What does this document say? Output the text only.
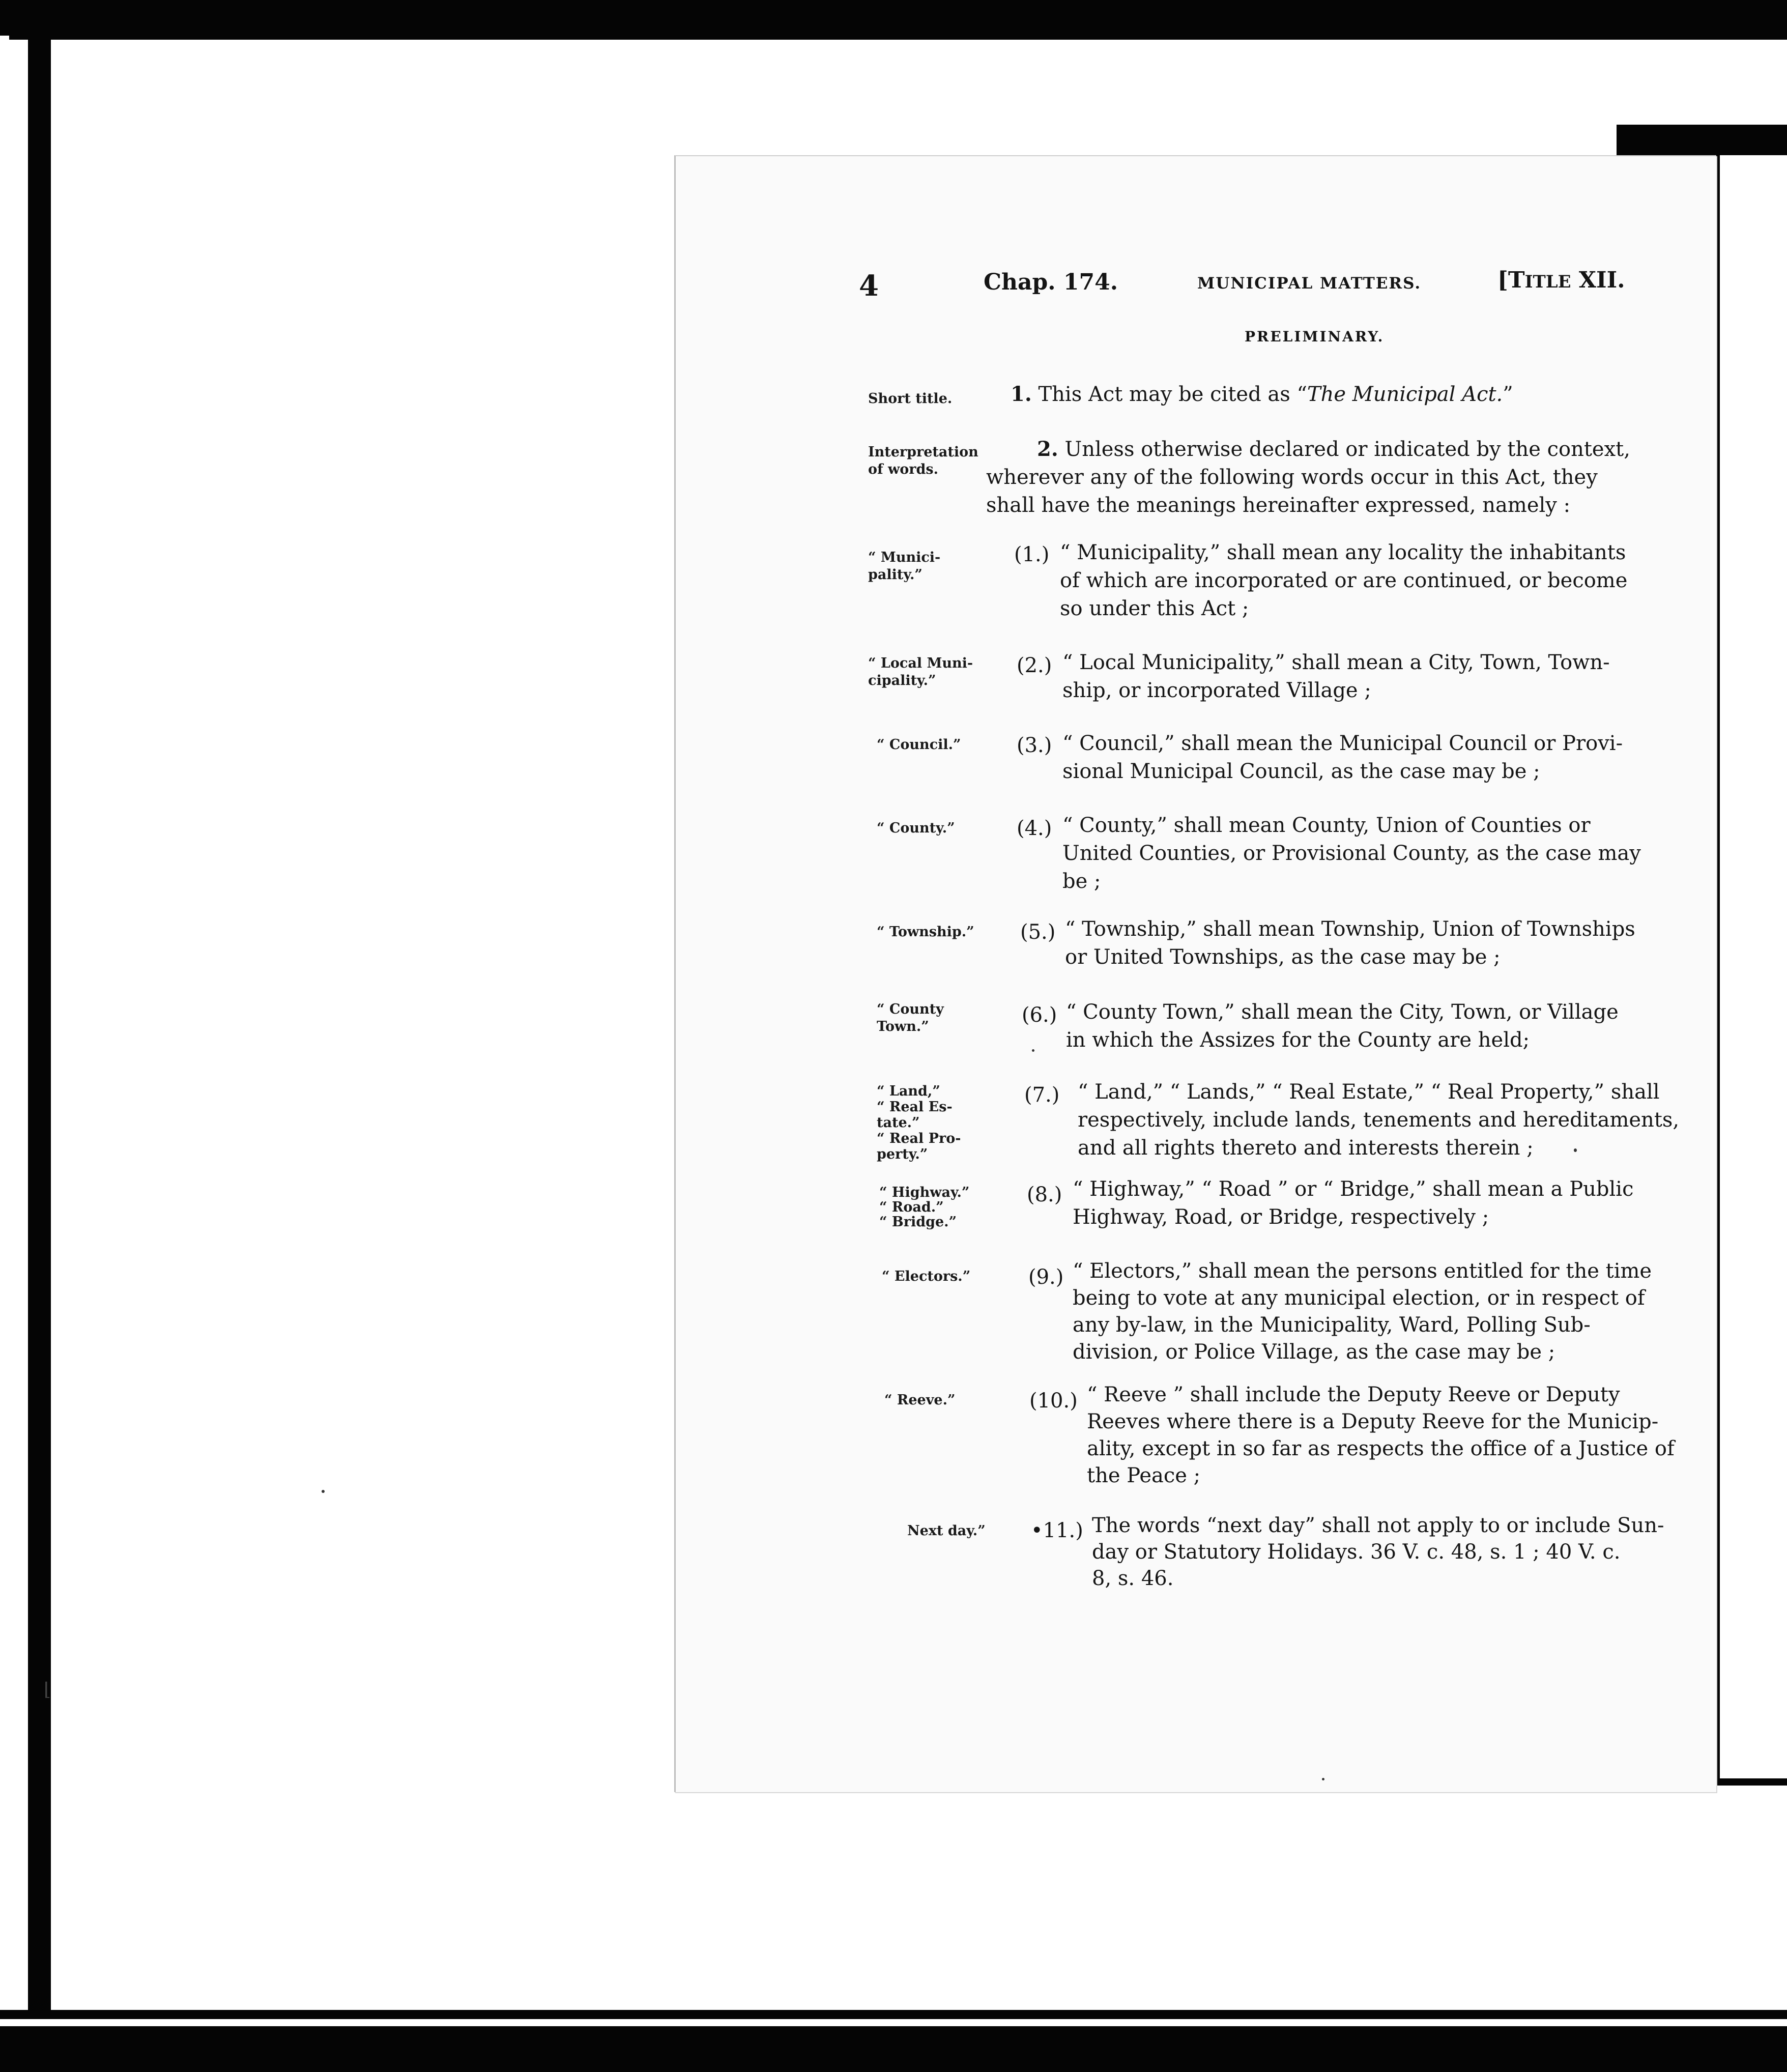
⌊
4	Chap. 174.	MUNICIPAL MATTERS.	[TITLE XII.
PRELIMINARY.
Short title.	1. This Act may be cited as “The Municipal Act.”
Interpretation
of words.
2. Unless otherwise declared or indicated by the context,
wherever any of the following words occur in this Act, they
shall have the meanings hereinafter expressed, namely :
“ Munici-
pality.”
(1.) “ Municipality,” shall mean any locality the inhabitants
of which are incorporated or are continued, or become
so under this Act ;
“ Local Muni-
cipality.”
(2.) “ Local Municipality,” shall mean a City, Town, Town-
ship, or incorporated Village ;
“ Council.”	(3.) “ Council,” shall mean the Municipal Council or Provi-
sional Municipal Council, as the case may be ;
“ County.”	(4.) “ County,” shall mean County, Union of Counties or
United Counties, or Provisional County, as the case may
be ;
“ Township.” (5.) “ Township,” shall mean Township, Union of Townships
or United Townships, as the case may be ;
“ County
Town.”	(6.) “ County Town,” shall mean the City, Town, or Village
in which the Assizes for the County are held;
“ Land,”
“ Real Es-
tate.”
“ Real Pro-
perty.”
(7.) “ Land,” “ Lands,” “ Real Estate,” “ Real Property,” shall
respectively, include lands, tenements and hereditaments,
and all rights thereto and interests therein ;
“ Highway.”
“ Road.”
“ Bridge.”
(8.) “ Highway,” “ Road ” or “ Bridge,” shall mean a Public
Highway, Road, or Bridge, respectively ;
“ Electors.”	(9.) “ Electors,” shall mean the persons entitled for the time
being to vote at any municipal election, or in respect of
any by-law, in the Municipality, Ward, Polling Sub-
division, or Police Village, as the case may be ;
“ Reeve.”	(10.) “ Reeve ” shall include the Deputy Reeve or Deputy
Reeves where there is a Deputy Reeve for the Municip-
ality, except in so far as respects the office of a Justice of
the Peace ;
Next day.” •11.) The words “next day” shall not apply to or include Sun-
day or Statutory Holidays. 36 V. c. 48, s. 1 ; 40 V. c.
8, s. 46.
